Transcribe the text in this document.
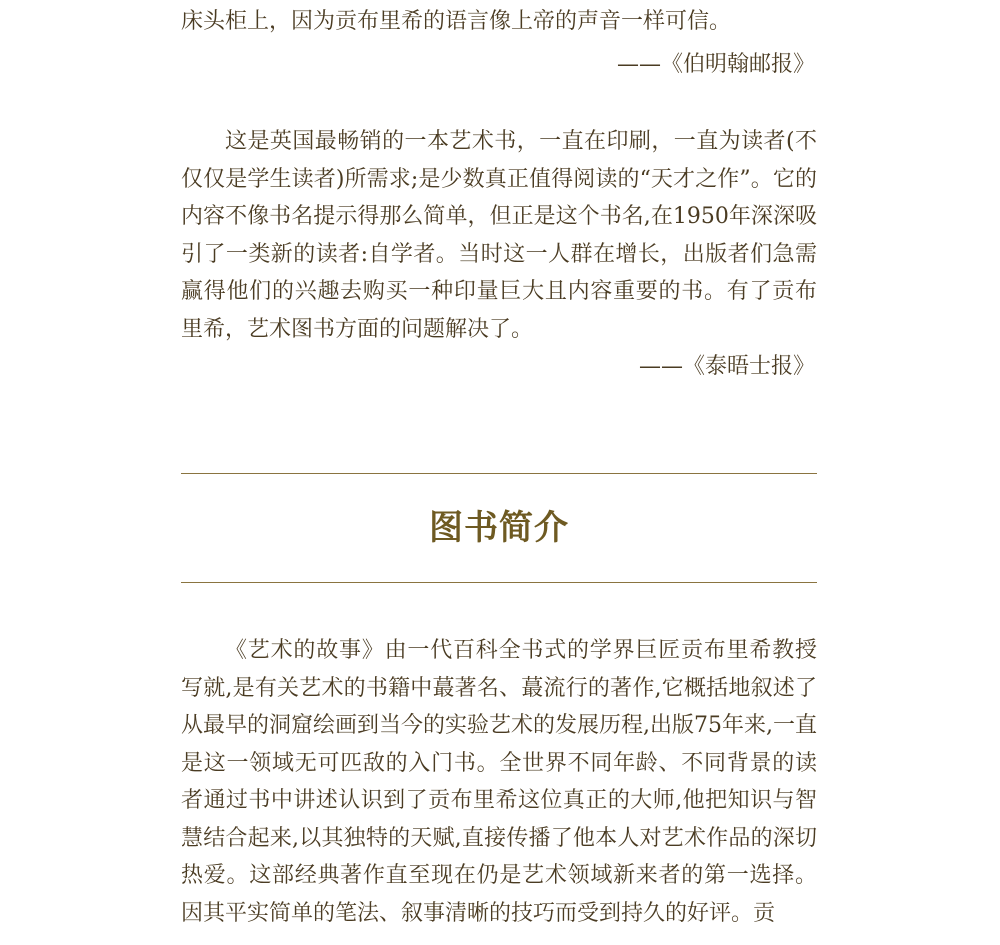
床头柜上，因为贡布里希的语言像上帝的声音一样可信。

——《伯明翰邮报》

这是英国最畅销的一本艺术书，一直在印刷，一直为读者(不仅仅是学生读者)所需求;是少数真正值得阅读的“天才之作”。它的内容不像书名提示得那么简单，但正是这个书名,在1950年深深吸引了一类新的读者:自学者。当时这一人群在增长，出版者们急需赢得他们的兴趣去购买一种印量巨大且内容重要的书。有了贡布里希，艺术图书方面的问题解决了。

——《泰晤士报》
图书简介

《艺术的故事》由一代百科全书式的学界巨匠贡布里希教授写就,是有关艺术的书籍中蕞著名、蕞流行的著作,它概括地叙述了从最早的洞窟绘画到当今的实验艺术的发展历程,出版75年来,一直是这一领域无可匹敌的入门书。全世界不同年龄、不同背景的读者通过书中讲述认识到了贡布里希这位真正的大师,他把知识与智慧结合起来,以其独特的天赋,直接传播了他本人对艺术作品的深切热爱。这部经典著作直至现在仍是艺术领域新来者的第一选择。因其平实简单的笔法、叙事清晰的技巧而受到持久的好评。贡
